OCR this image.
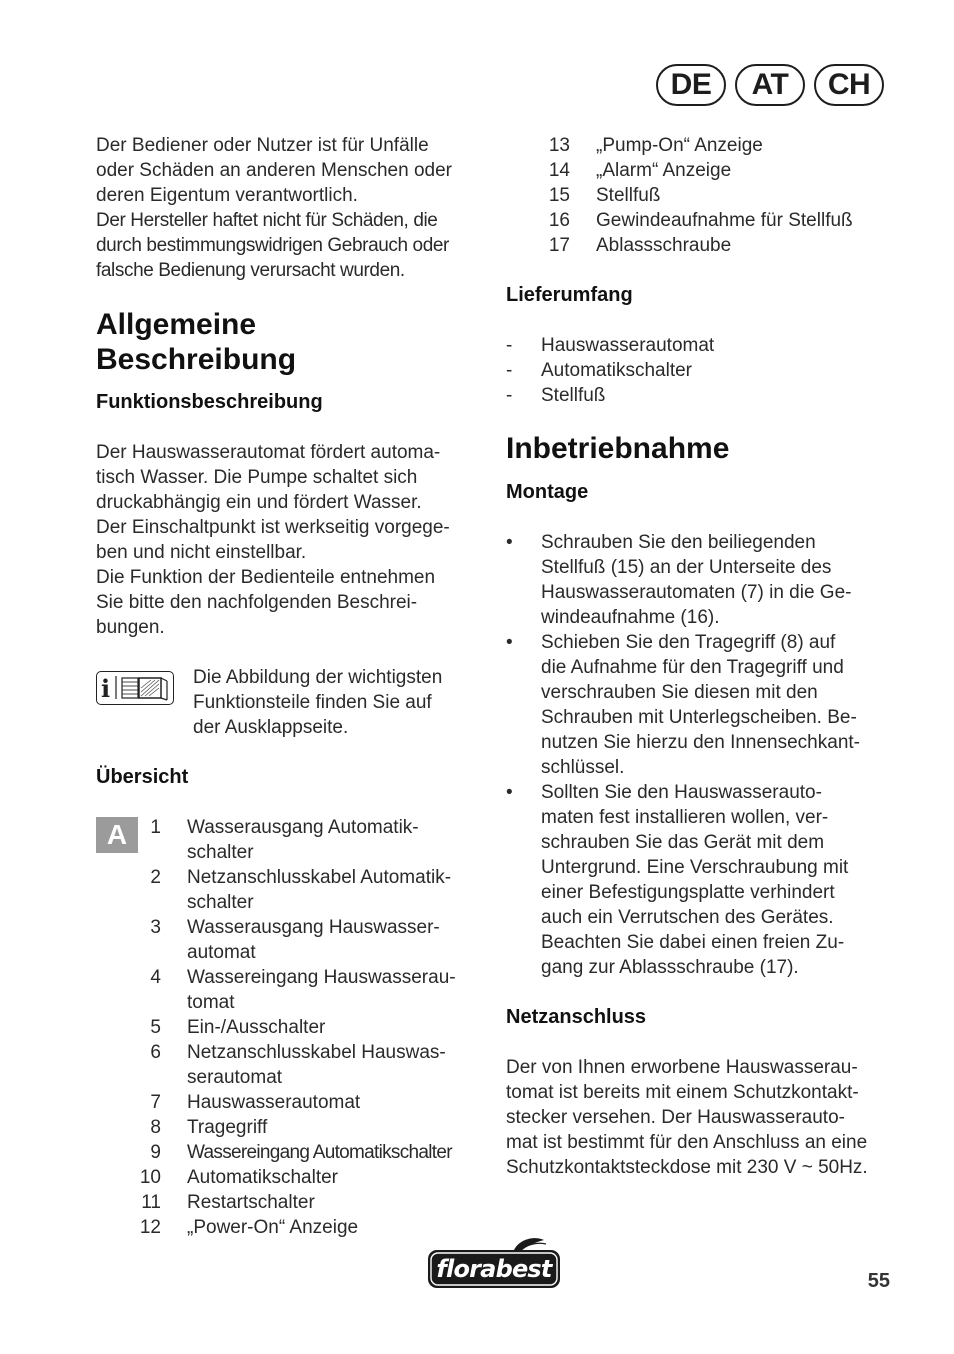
DE	AT	CH

Der Bediener oder Nutzer ist für Unfälle
oder Schäden an anderen Menschen oder
deren Eigentum verantwortlich.

Der Hersteller haftet nicht für Schäden, die
durch bestimmungswidrigen Gebrauch oder
falsche Bedienung verursacht wurden.

Allgemeine
Beschreibung
Funktionsbeschreibung

Der Hauswasserautomat fördert automa-
tisch Wasser. Die Pumpe schaltet sich
druckabhängig ein und fördert Wasser.
Der Einschaltpunkt ist werkseitig vorgege-
ben und nicht einstellbar.
Die Funktion der Bedienteile entnehmen
Sie bitte den nachfolgenden Beschrei-
bungen.

i	Die Abbildung der wichtigsten
Funktionsteile finden Sie auf
der Ausklappseite.
Übersicht
A	1 Wasserausgang Automatik-
schalter
2 Netzanschlusskabel Automatik-
schalter
3 Wasserausgang Hauswasser-
automat
4 Wassereingang Hauswasserau-
tomat
5 Ein-/Ausschalter
6 Netzanschlusskabel Hauswas-
serautomat
7 Hauswasserautomat
8 Tragegriff
9 Wassereingang Automatikschalter
10 Automatikschalter
11 Restartschalter
12 „Power-On“ Anzeige
13 „Pump-On“ Anzeige
14 „Alarm“ Anzeige
15 Stellfuß
16 Gewindeaufnahme für Stellfuß
17 Ablassschraube
Lieferumfang
- Hauswasserautomat
- Automatikschalter
- Stellfuß
Inbetriebnahme
Montage
• Schrauben Sie den beiliegenden
Stellfuß (15) an der Unterseite des
Hauswasserautomaten (7) in die Ge-
windeaufnahme (16).
• Schieben Sie den Tragegriff (8) auf
die Aufnahme für den Tragegriff und
verschrauben Sie diesen mit den
Schrauben mit Unterlegscheiben. Be-
nutzen Sie hierzu den Innensechkant-
schlüssel.
• Sollten Sie den Hauswasserauto-
maten fest installieren wollen, ver-
schrauben Sie das Gerät mit dem
Untergrund. Eine Verschraubung mit
einer Befestigungsplatte verhindert
auch ein Verrutschen des Gerätes.
Beachten Sie dabei einen freien Zu-
gang zur Ablassschraube (17).
Netzanschluss

Der von Ihnen erworbene Hauswasserau-
tomat ist bereits mit einem Schutzkontakt-
stecker versehen. Der Hauswasserauto-
mat ist bestimmt für den Anschluss an eine
Schutzkontaktsteckdose mit 230 V ~ 50Hz.

florabest	55
